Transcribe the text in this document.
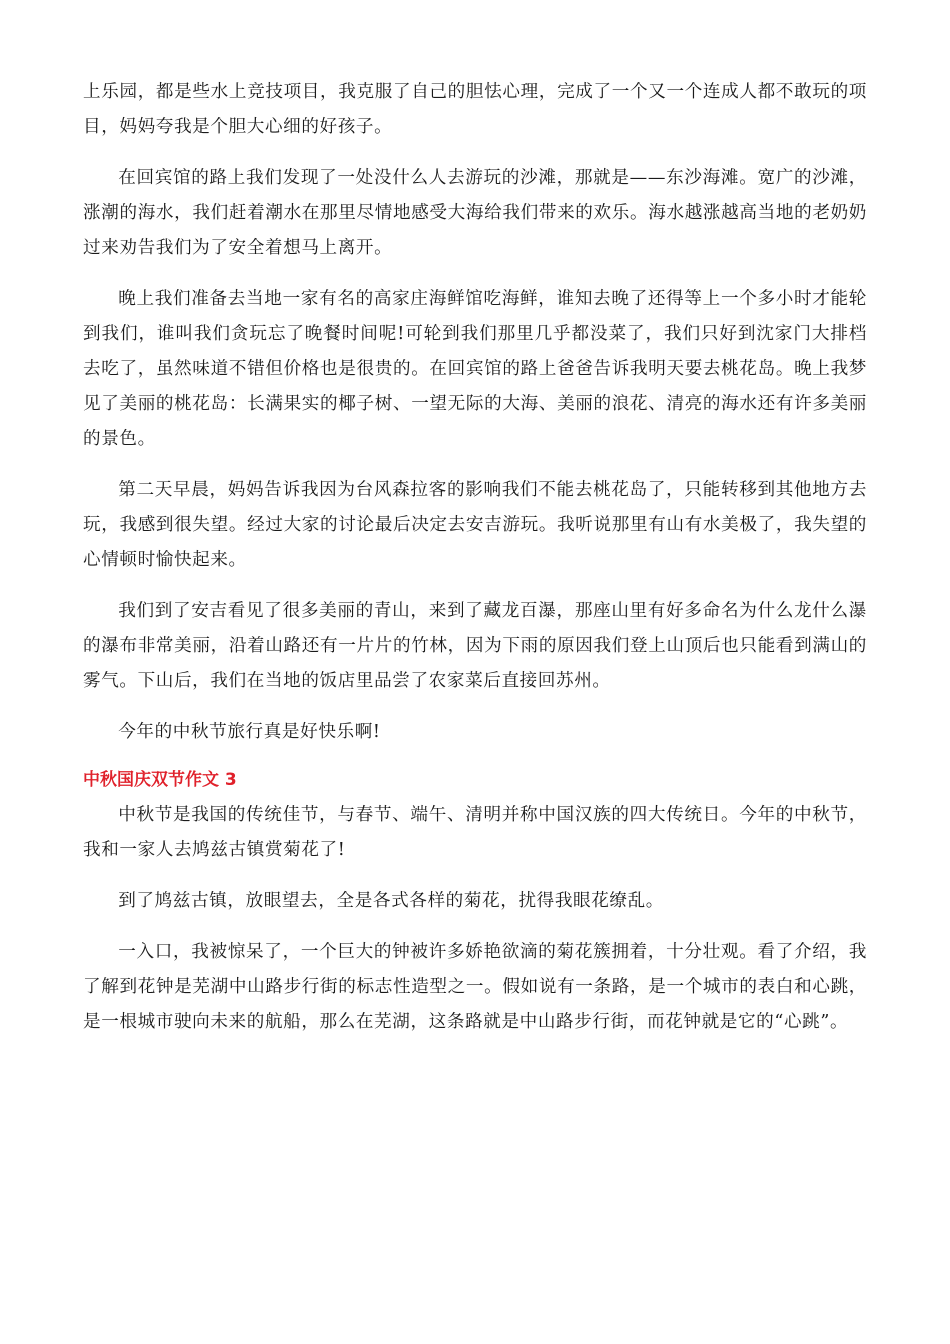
上乐园，都是些水上竞技项目，我克服了自己的胆怯心理，完成了一个又一个连成人都不敢玩的项目，妈妈夸我是个胆大心细的好孩子。

在回宾馆的路上我们发现了一处没什么人去游玩的沙滩，那就是——东沙海滩。宽广的沙滩，涨潮的海水，我们赶着潮水在那里尽情地感受大海给我们带来的欢乐。海水越涨越高当地的老奶奶过来劝告我们为了安全着想马上离开。

晚上我们准备去当地一家有名的高家庄海鲜馆吃海鲜，谁知去晚了还得等上一个多小时才能轮到我们，谁叫我们贪玩忘了晚餐时间呢!可轮到我们那里几乎都没菜了，我们只好到沈家门大排档去吃了，虽然味道不错但价格也是很贵的。在回宾馆的路上爸爸告诉我明天要去桃花岛。晚上我梦见了美丽的桃花岛：长满果实的椰子树、一望无际的大海、美丽的浪花、清亮的海水还有许多美丽的景色。

第二天早晨，妈妈告诉我因为台风森拉客的影响我们不能去桃花岛了，只能转移到其他地方去玩，我感到很失望。经过大家的讨论最后决定去安吉游玩。我听说那里有山有水美极了，我失望的心情顿时愉快起来。

我们到了安吉看见了很多美丽的青山，来到了藏龙百瀑，那座山里有好多命名为什么龙什么瀑的瀑布非常美丽，沿着山路还有一片片的竹林，因为下雨的原因我们登上山顶后也只能看到满山的雾气。下山后，我们在当地的饭店里品尝了农家菜后直接回苏州。

今年的中秋节旅行真是好快乐啊!

中秋国庆双节作文 3

中秋节是我国的传统佳节，与春节、端午、清明并称中国汉族的四大传统日。今年的中秋节，我和一家人去鸠兹古镇赏菊花了!

到了鸠兹古镇，放眼望去，全是各式各样的菊花，扰得我眼花缭乱。

一入口，我被惊呆了，一个巨大的钟被许多娇艳欲滴的菊花簇拥着，十分壮观。看了介绍，我了解到花钟是芜湖中山路步行街的标志性造型之一。假如说有一条路，是一个城市的表白和心跳，是一根城市驶向未来的航船，那么在芜湖，这条路就是中山路步行街，而花钟就是它的“心跳”。
